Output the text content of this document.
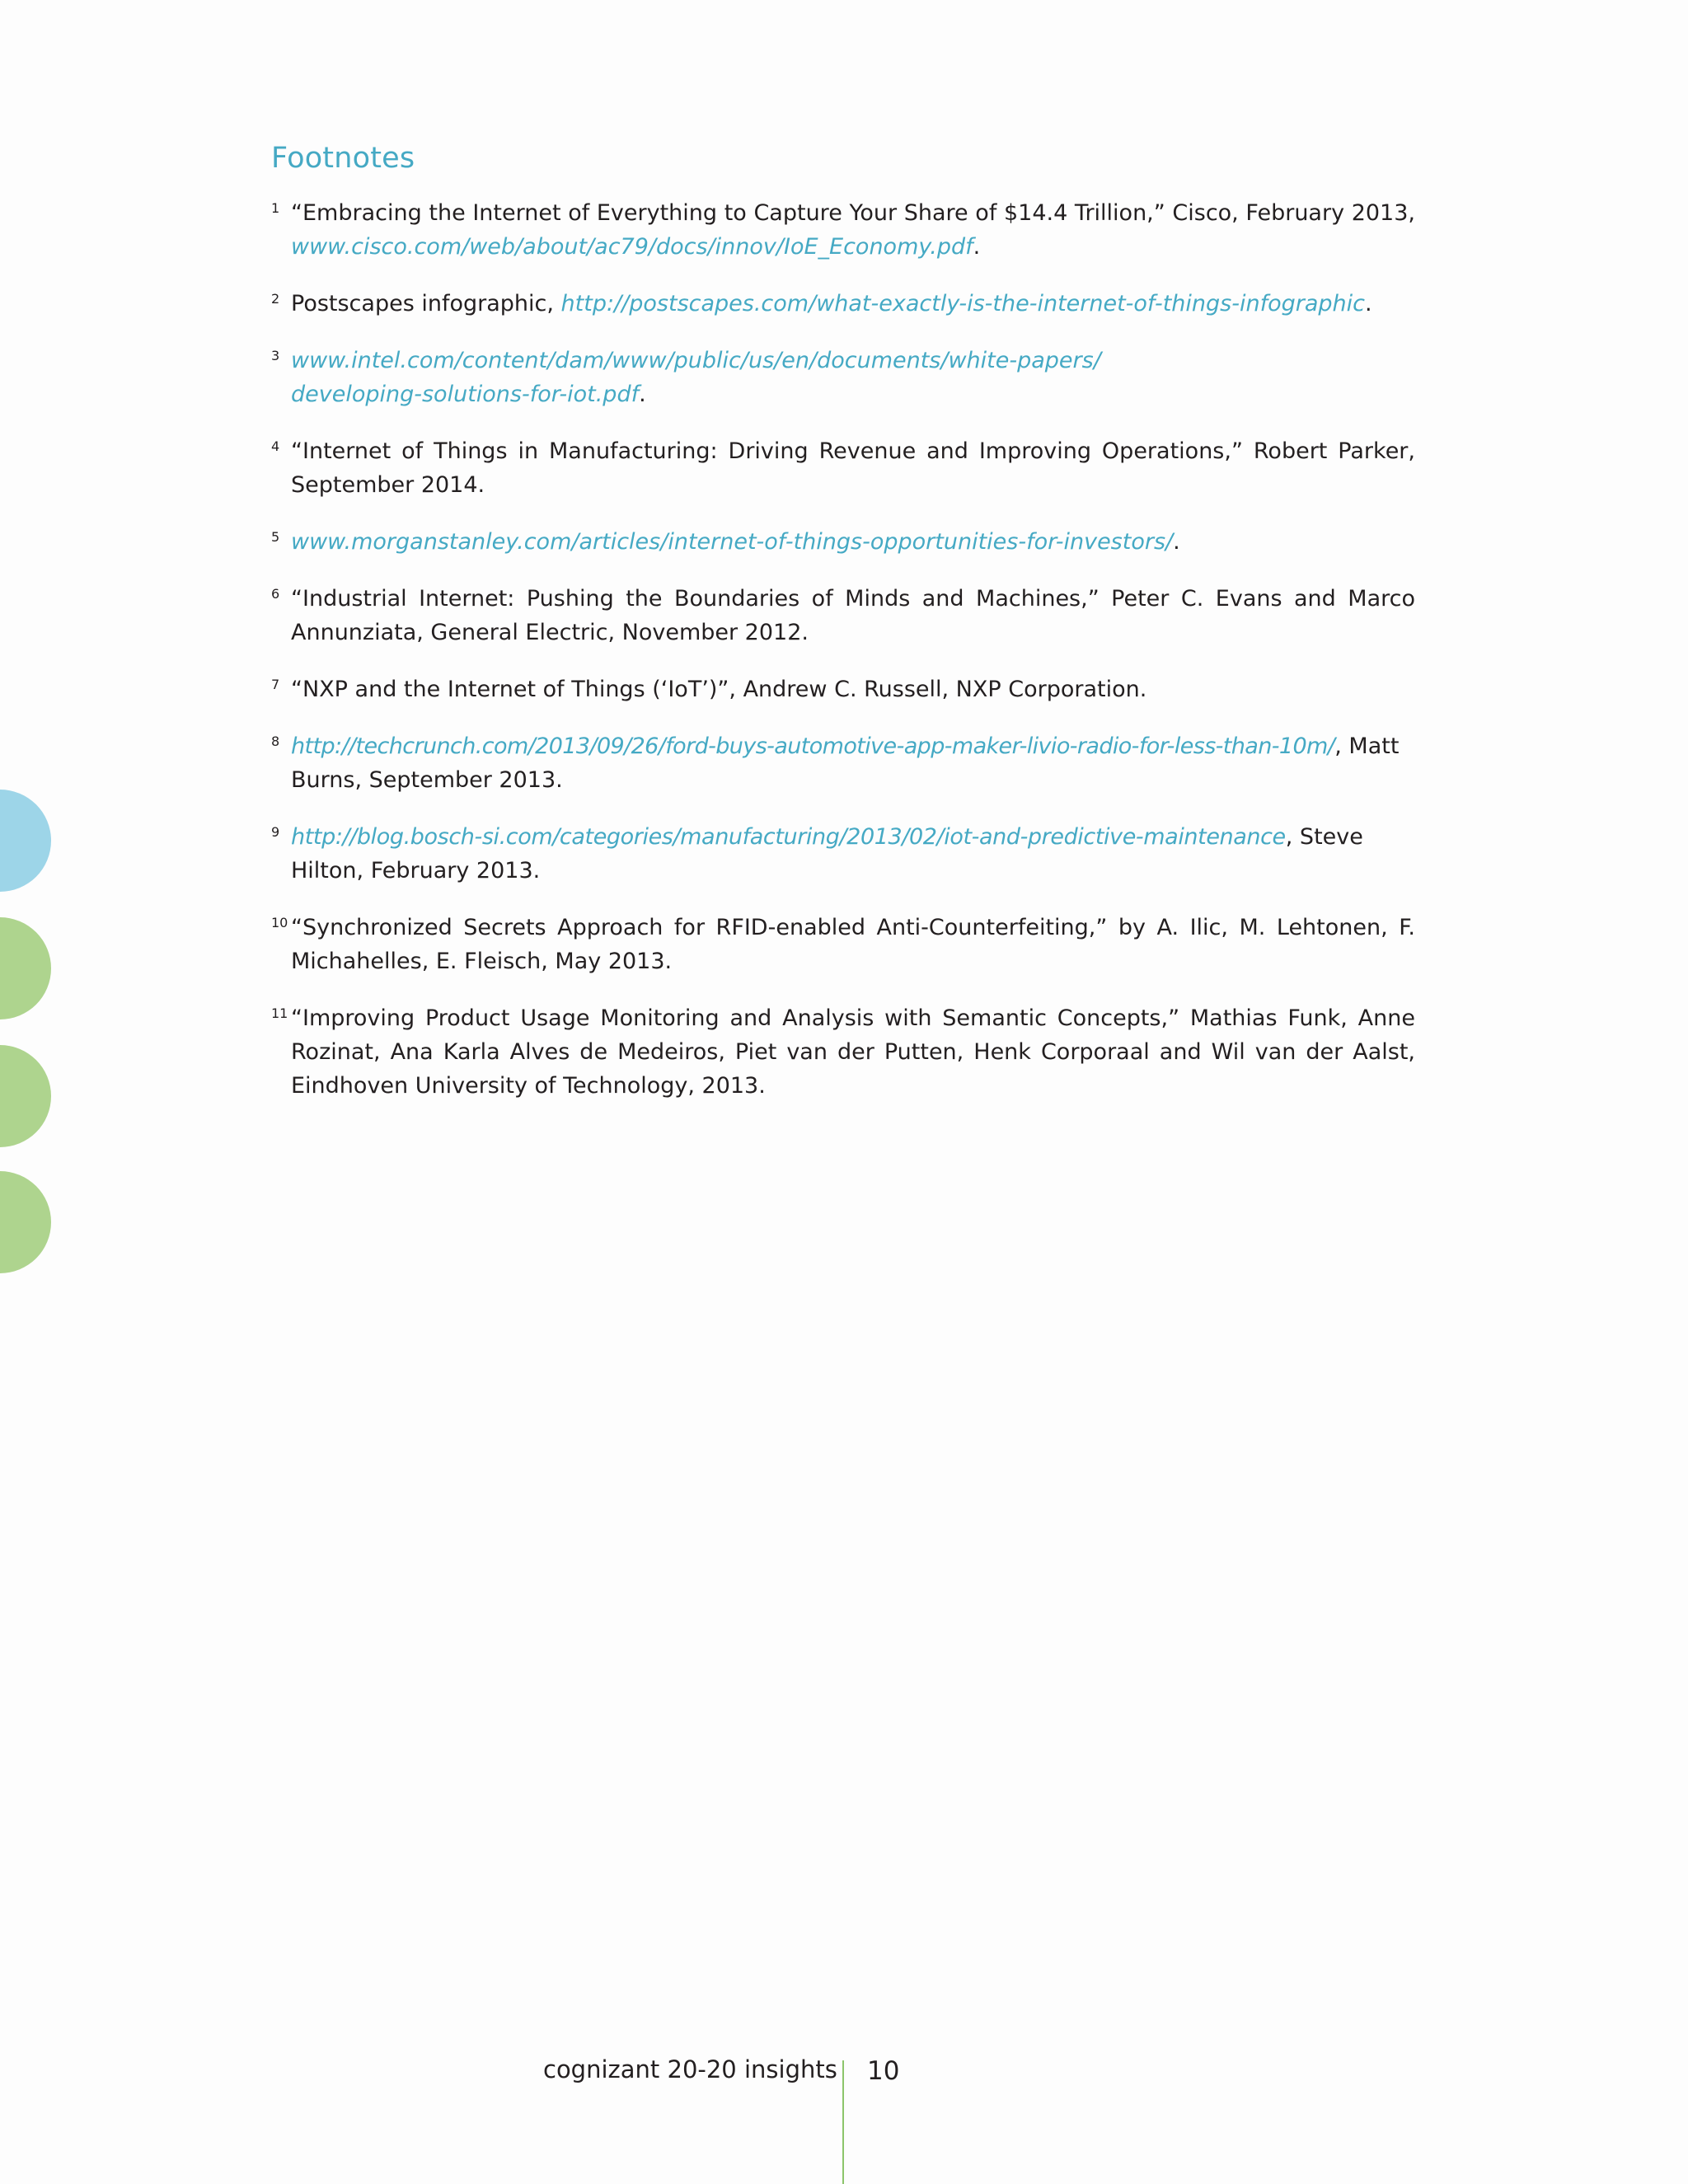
Footnotes
1 “Embracing the Internet of Everything to Capture Your Share of $14.4 Trillion,” Cisco, February 2013, www.cisco.com/web/about/ac79/docs/innov/IoE_Economy.pdf.
2 Postscapes infographic, http://postscapes.com/what-exactly-is-the-internet-of-things-infographic.
3 www.intel.com/content/dam/www/public/us/en/documents/white-papers/
developing-solutions-for-iot.pdf.
4 “Internet of Things in Manufacturing: Driving Revenue and Improving Operations,” Robert Parker, September 2014.
5 www.morganstanley.com/articles/internet-of-things-opportunities-for-investors/.
6 “Industrial Internet: Pushing the Boundaries of Minds and Machines,” Peter C. Evans and Marco Annunziata, General Electric, November 2012.
7 “NXP and the Internet of Things (‘IoT’)”, Andrew C. Russell, NXP Corporation.
8 http://techcrunch.com/2013/09/26/ford-buys-automotive-app-maker-livio-radio-for-less-than-10m/, Matt Burns, September 2013.
9 http://blog.bosch-si.com/categories/manufacturing/2013/02/iot-and-predictive-maintenance, Steve Hilton, February 2013.
10 “Synchronized Secrets Approach for RFID-enabled Anti-Counterfeiting,” by A. Ilic, M. Lehtonen, F. Michahelles, E. Fleisch, May 2013.
11 “Improving Product Usage Monitoring and Analysis with Semantic Concepts,” Mathias Funk, Anne Rozinat, Ana Karla Alves de Medeiros, Piet van der Putten, Henk Corporaal and Wil van der Aalst, Eindhoven University of Technology, 2013.
cognizant 20-20 insights 10
